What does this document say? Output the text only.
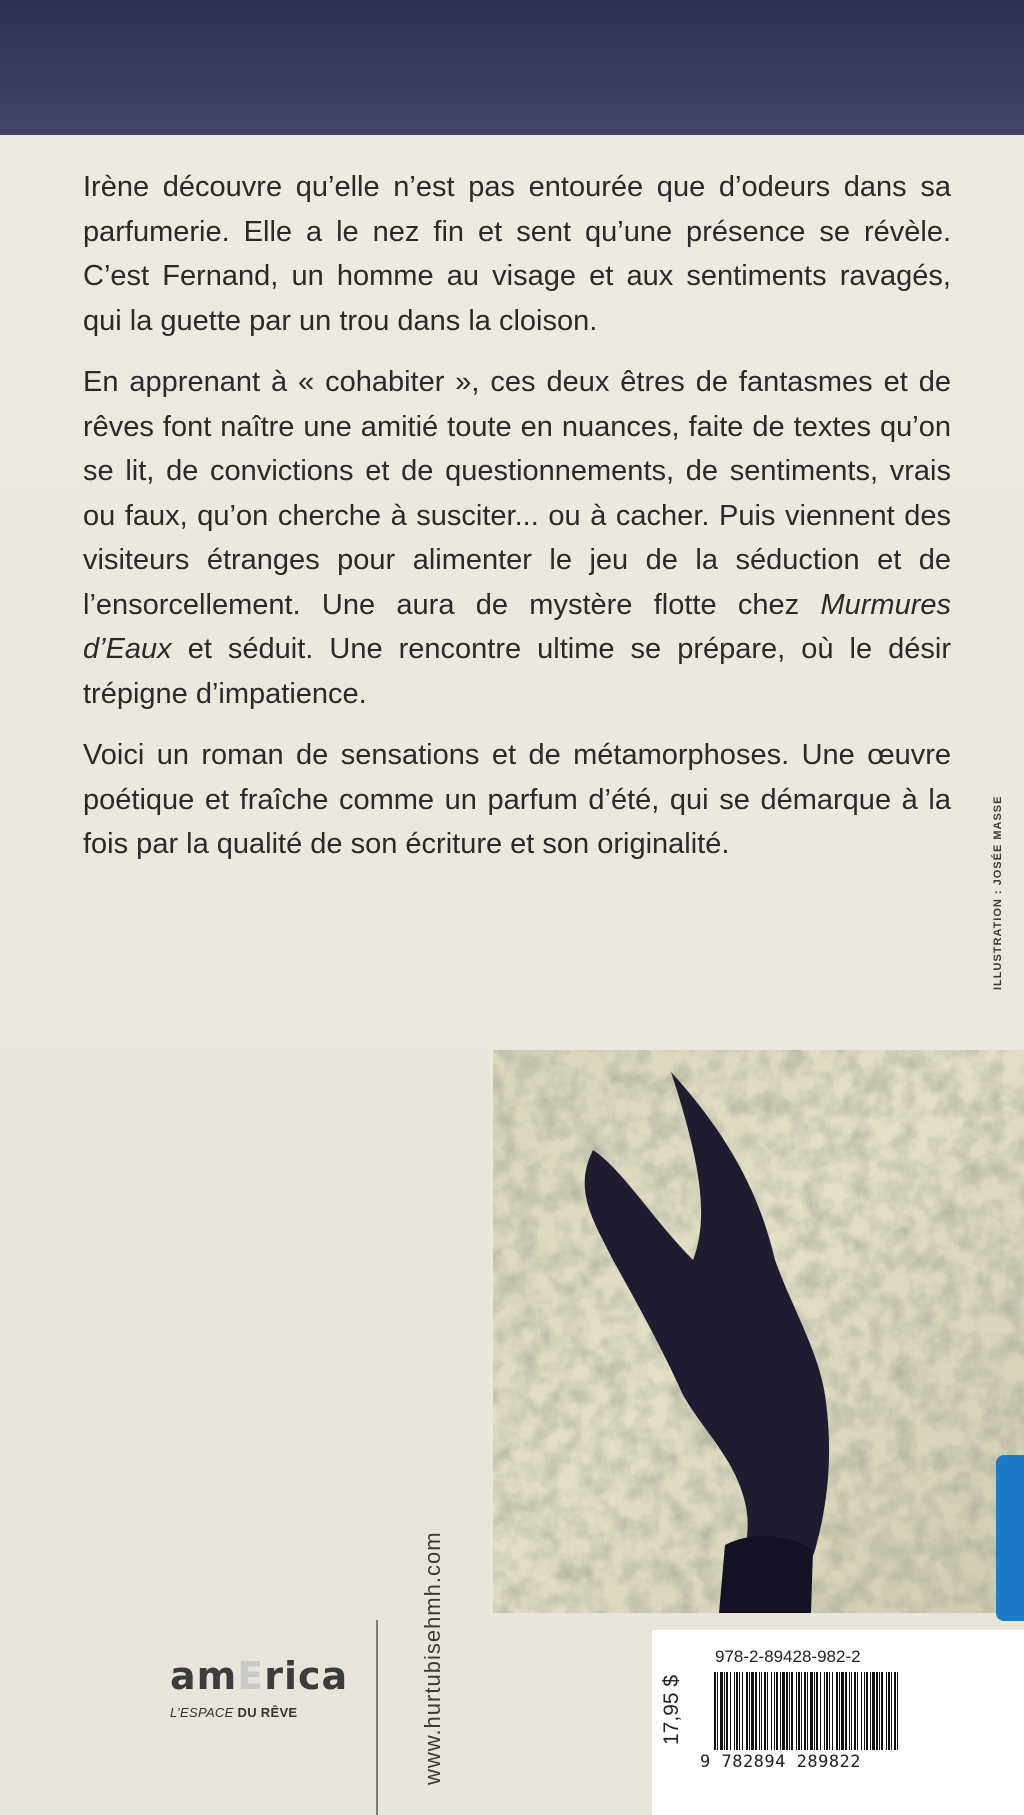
Irène découvre qu’elle n’est pas entourée que d’odeurs dans sa parfumerie. Elle a le nez fin et sent qu’une présence se révèle. C’est Fernand, un homme au visage et aux sentiments ravagés, qui la guette par un trou dans la cloison.

En apprenant à « cohabiter », ces deux êtres de fantasmes et de rêves font naître une amitié toute en nuances, faite de textes qu’on se lit, de convictions et de questionnements, de sentiments, vrais ou faux, qu’on cherche à susciter... ou à cacher. Puis viennent des visiteurs étranges pour alimenter le jeu de la séduction et de l’ensorcellement. Une aura de mystère flotte chez Murmures d’Eaux et séduit. Une rencontre ultime se prépare, où le désir trépigne d’impatience.

Voici un roman de sensations et de métamorphoses. Une œuvre poétique et fraîche comme un parfum d’été, qui se démarque à la fois par la qualité de son écriture et son originalité.	ILLUSTRATION : JOSÉE MASSE
www.hurtubisehmh.com
amErica
L’ESPACE DU RÊVE	17,95 $
978-2-89428-982-2
9 782894 289822
